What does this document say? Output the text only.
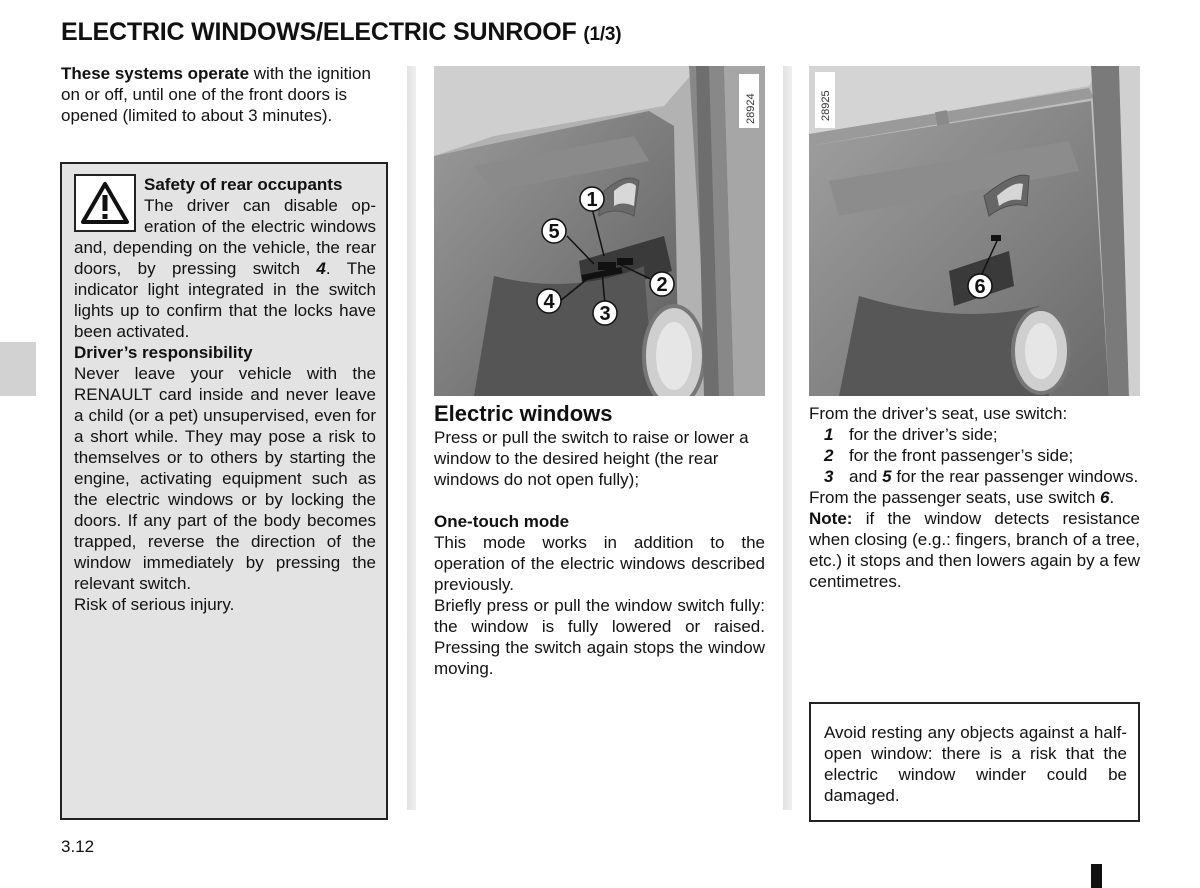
ELECTRIC WINDOWS/ELECTRIC SUNROOF (1/3)

These systems operate with the ignition on or off, until one of the front doors is opened (limited to about 3 minutes).

Safety of rear occupants

The driver can disable operation of the electric windows and, depending on the vehicle, the rear doors, by pressing switch 4. The indicator light integrated in the switch lights up to confirm that the locks have been activated.

Driver’s responsibility

Never leave your vehicle with the RENAULT card inside and never leave a child (or a pet) unsupervised, even for a short while. They may pose a risk to themselves or to others by starting the engine, activating equipment such as the electric windows or by locking the doors. If any part of the body becomes trapped, reverse the direction of the window immediately by pressing the relevant switch.

Risk of serious injury.

28924
1
2
3
4
5
28925
6
Electric windows

Press or pull the switch to raise or lower a window to the desired height (the rear windows do not open fully);

One-touch mode

This mode works in addition to the operation of the electric windows described previously.

Briefly press or pull the window switch fully: the window is fully lowered or raised. Pressing the switch again stops the window moving.

From the driver’s seat, use switch:

1 for the driver’s side;
2 for the front passenger’s side;
3 and 5 for the rear passenger windows.

From the passenger seats, use switch 6.

Note: if the window detects resistance when closing (e.g.: fingers, branch of a tree, etc.) it stops and then lowers again by a few centimetres.

Avoid resting any objects against a half-open window: there is a risk that the electric window winder could be damaged.

3.12
